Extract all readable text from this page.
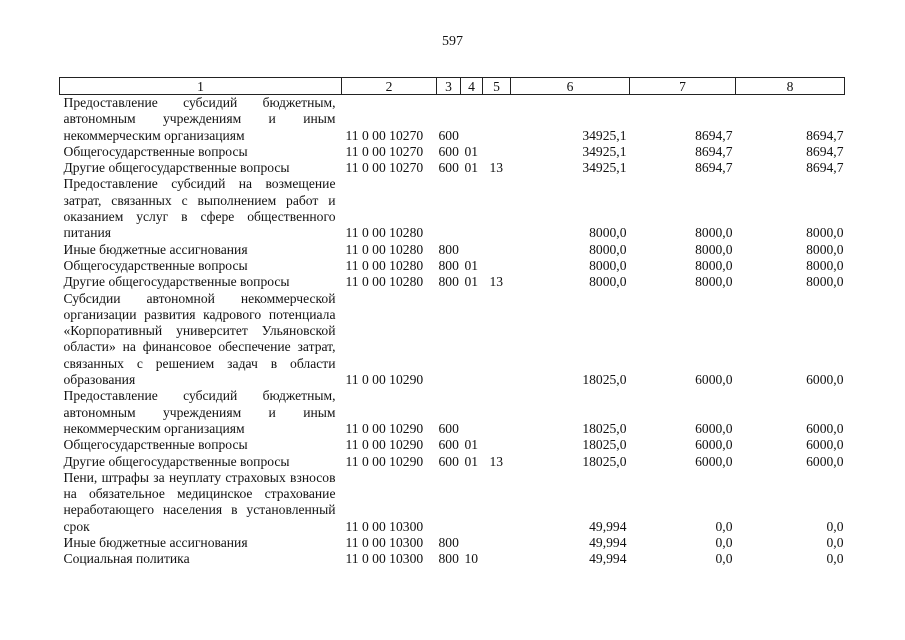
597
1	2	3	4	5	6	7	8
Предоставление субсидий бюджетным, автономным учреждениям и иным некоммерческим организациям	11 0 00 10270	600			34925,1	8694,7	8694,7
Общегосударственные вопросы	11 0 00 10270	600	01		34925,1	8694,7	8694,7
Другие общегосударственные вопросы	11 0 00 10270	600	01	13	34925,1	8694,7	8694,7
Предоставление субсидий на возмещение затрат, связанных с выполнением работ и оказанием услуг в сфере общественного питания	11 0 00 10280				8000,0	8000,0	8000,0
Иные бюджетные ассигнования	11 0 00 10280	800			8000,0	8000,0	8000,0
Общегосударственные вопросы	11 0 00 10280	800	01		8000,0	8000,0	8000,0
Другие общегосударственные вопросы	11 0 00 10280	800	01	13	8000,0	8000,0	8000,0
Субсидии автономной некоммерческой организации развития кадрового потенциала «Корпоративный университет Ульяновской области» на финансовое обеспечение затрат, связанных с решением задач в области образования	11 0 00 10290				18025,0	6000,0	6000,0
Предоставление субсидий бюджетным, автономным учреждениям и иным некоммерческим организациям	11 0 00 10290	600			18025,0	6000,0	6000,0
Общегосударственные вопросы	11 0 00 10290	600	01		18025,0	6000,0	6000,0
Другие общегосударственные вопросы	11 0 00 10290	600	01	13	18025,0	6000,0	6000,0
Пени, штрафы за неуплату страховых взносов на обязательное медицинское страхование неработающего населения в установленный срок	11 0 00 10300				49,994	0,0	0,0
Иные бюджетные ассигнования	11 0 00 10300	800			49,994	0,0	0,0
Социальная политика	11 0 00 10300	800	10		49,994	0,0	0,0
